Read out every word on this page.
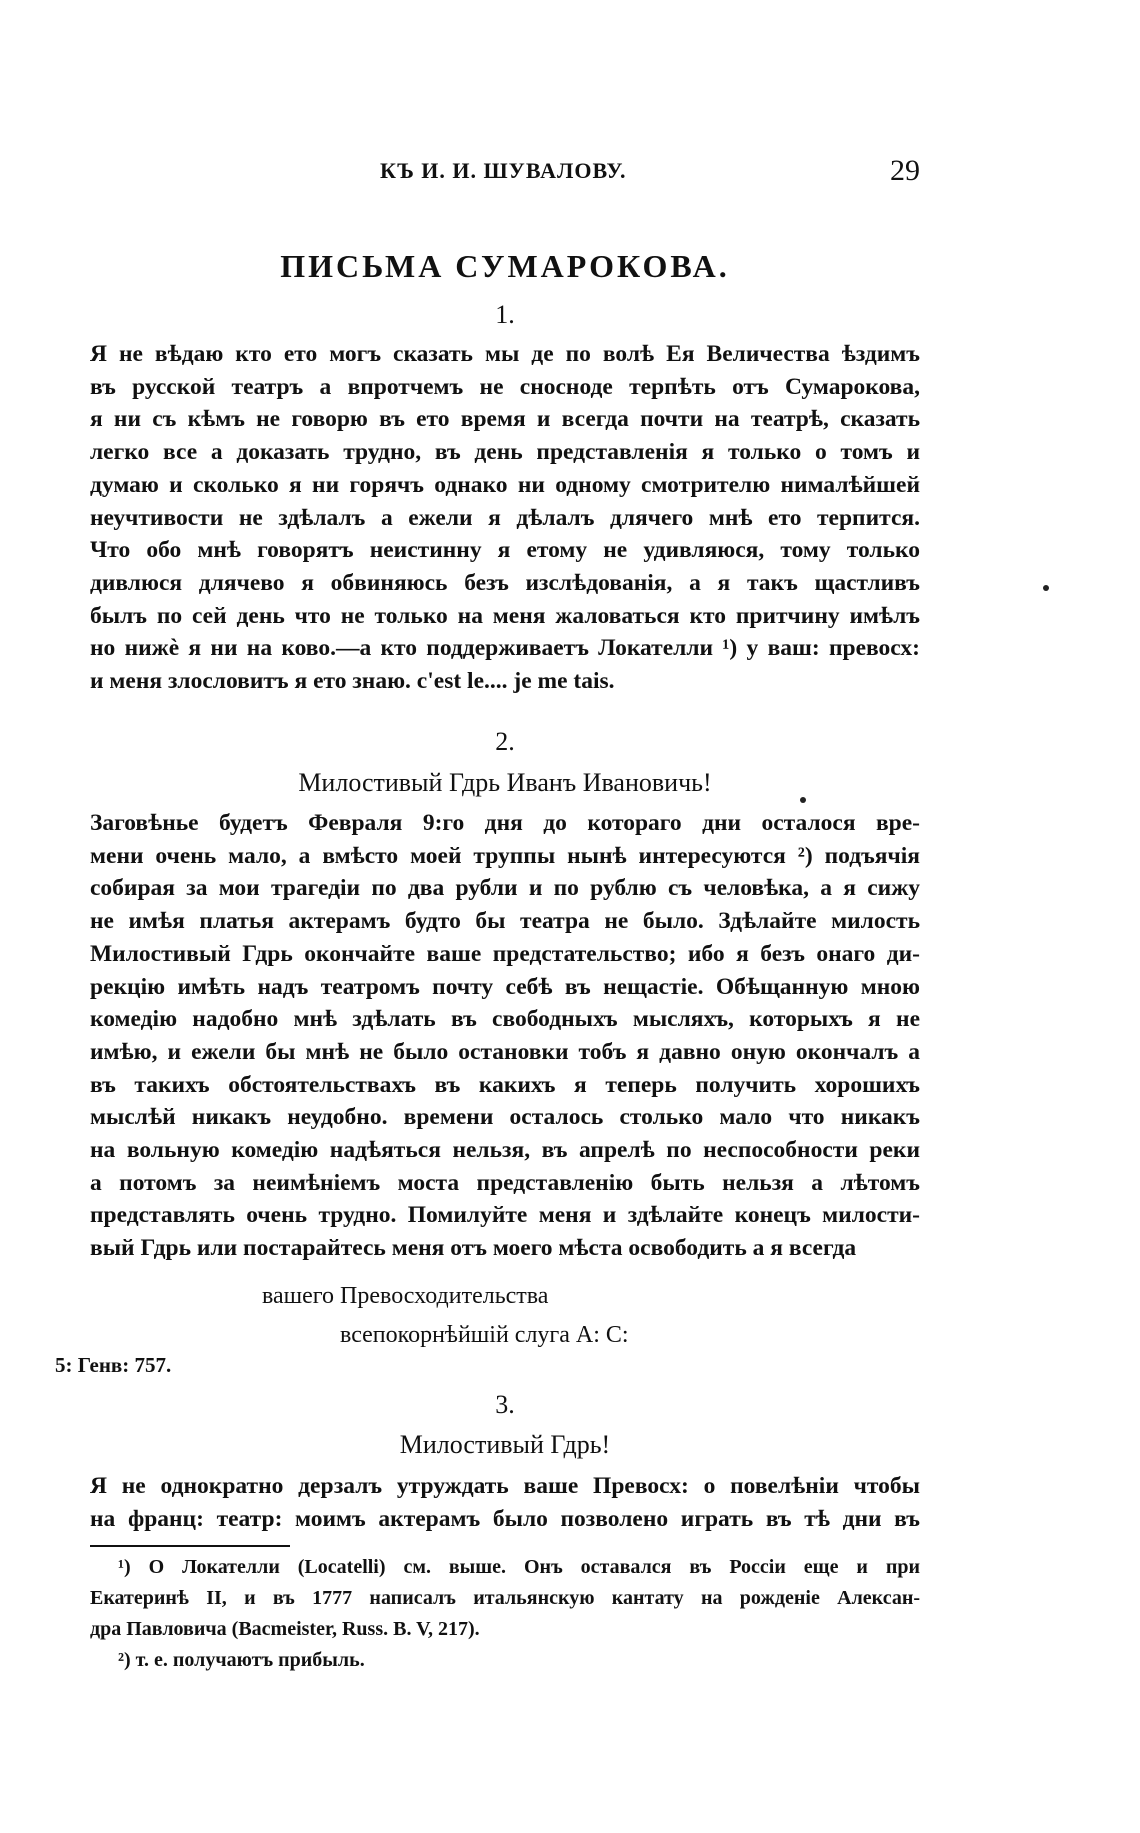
КЪ И. И. ШУВАЛОВУ.	29
ПИСЬМА СУМАРОКОВА.
1.
Я не вѣдаю кто ето могъ сказать мы де по волѣ Ея Величества ѣздимъ
въ русской театръ а впротчемъ не сносноде терпѣть отъ Сумарокова,
я ни съ кѣмъ не говорю въ ето время и всегда почти на театрѣ, сказать
легко все а доказать трудно, въ день представленія я только о томъ и
думаю и сколько я ни горячъ однако ни одному смотрителю нималѣйшей
неучтивости не здѣлалъ а ежели я дѣлалъ длячего мнѣ ето терпится.
Что обо мнѣ говорятъ неистинну я етому не удивляюся, тому только
дивлюся длячево я обвиняюсь безъ изслѣдованія, а я такъ щастливъ
былъ по сей день что не только на меня жаловаться кто притчину имѣлъ
но нижѐ я ни на ково.—а кто поддерживаетъ Локателли ¹) у ваш: превосх:
и меня злословитъ я ето знаю. c'est le.... je me tais.
2.
Милостивый Гдрь Иванъ Ивановичь!
Заговѣнье будетъ Февраля 9:го дня до котораго дни осталося вре-
мени очень мало, а вмѣсто моей труппы нынѣ интересуются ²) подъячія
собирая за мои трагедіи по два рубли и по рублю съ человѣка, а я сижу
не имѣя платья актерамъ будто бы театра не было. Здѣлайте милость
Милостивый Гдрь окончайте ваше предстательство; ибо я безъ онаго ди-
рекцію имѣть надъ театромъ почту себѣ въ нещастіе. Обѣщанную мною
комедію надобно мнѣ здѣлать въ свободныхъ мысляхъ, которыхъ я не
имѣю, и ежели бы мнѣ не было остановки тобъ я давно оную окончалъ а
въ такихъ обстоятельствахъ въ какихъ я теперь получить хорошихъ
мыслѣй никакъ неудобно. времени осталось столько мало что никакъ
на вольную комедію надѣяться нельзя, въ апрелѣ по неспособности реки
а потомъ за неимѣніемъ моста представленію быть нельзя а лѣтомъ
представлять очень трудно. Помилуйте меня и здѣлайте конецъ милости-
вый Гдрь или постарайтесь меня отъ моего мѣста освободить а я всегда
вашего Превосходительства
всепокорнѣйшій слуга А: С:
5: Генв: 757.
3.
Милостивый Гдрь!
Я не однократно дерзалъ утруждать ваше Превосх: о повелѣніи чтобы
на франц: театр: моимъ актерамъ было позволено играть въ тѣ дни въ
¹) О Локателли (Locatelli) см. выше. Онъ оставался въ Россіи еще и при
Екатеринѣ II, и въ 1777 написалъ итальянскую кантату на рожденіе Алексан-
дра Павловича (Bacmeister, Russ. B. V, 217).
²) т. е. получаютъ прибыль.
